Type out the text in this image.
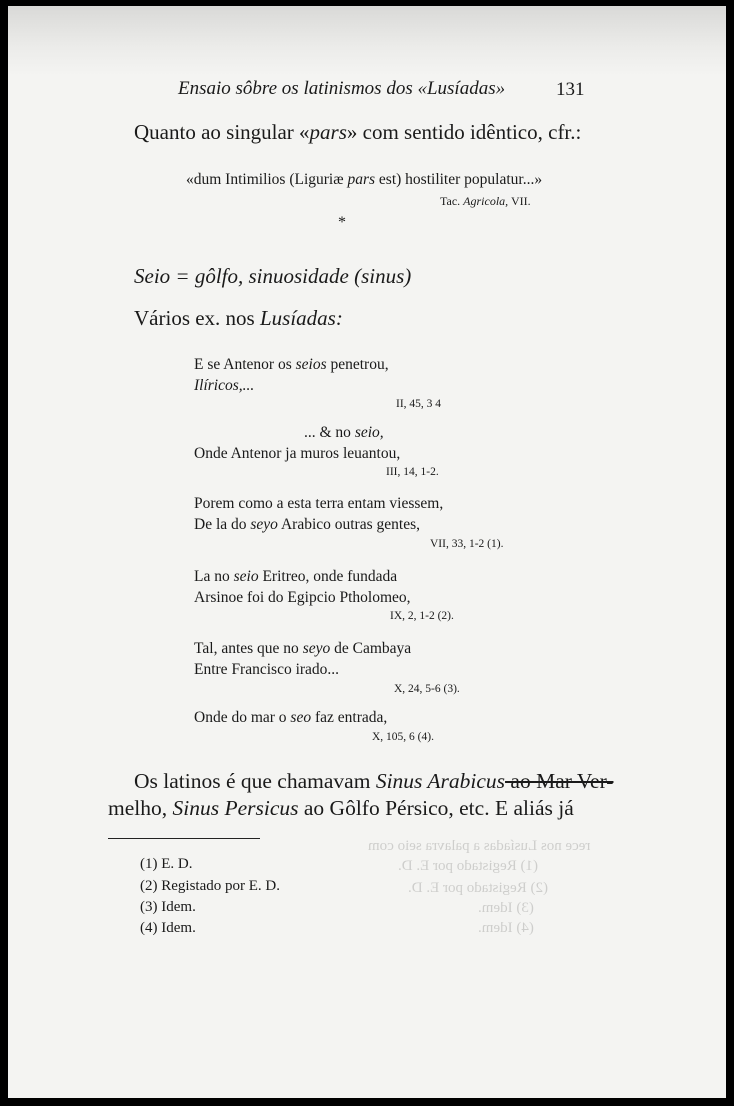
rece nos Lusíadas a palavra seio com
(1) Registado por E. D.
(2) Registado por E. D.
(3) Idem.
(4) Idem.
Ensaio sôbre os latinismos dos «Lusíadas»	131
Quanto ao singular «pars» com sentido idêntico, cfr.:
«dum Intimilios (Liguriæ pars est) hostiliter populatur...»
Tac. Agricola, VII.
*
Seio = gôlfo, sinuosidade (sinus)
Vários ex. nos Lusíadas:
E se Antenor os seios penetrou,
Ilíricos,...
II, 45, 3 4
... & no seio,
Onde Antenor ja muros leuantou,
III, 14, 1-2.
Porem como a esta terra entam viessem,
De la do seyo Arabico outras gentes,
VII, 33, 1-2 (1).
La no seio Eritreo, onde fundada
Arsinoe foi do Egipcio Ptholomeo,
IX, 2, 1-2 (2).
Tal, antes que no seyo de Cambaya
Entre Francisco irado...
X, 24, 5-6 (3).
Onde do mar o seo faz entrada,
X, 105, 6 (4).
Os latinos é que chamavam Sinus Arabicus ao Mar Ver-
melho, Sinus Persicus ao Gôlfo Pérsico, etc. E aliás já
(1) E. D.
(2) Registado por E. D.
(3) Idem.
(4) Idem.
